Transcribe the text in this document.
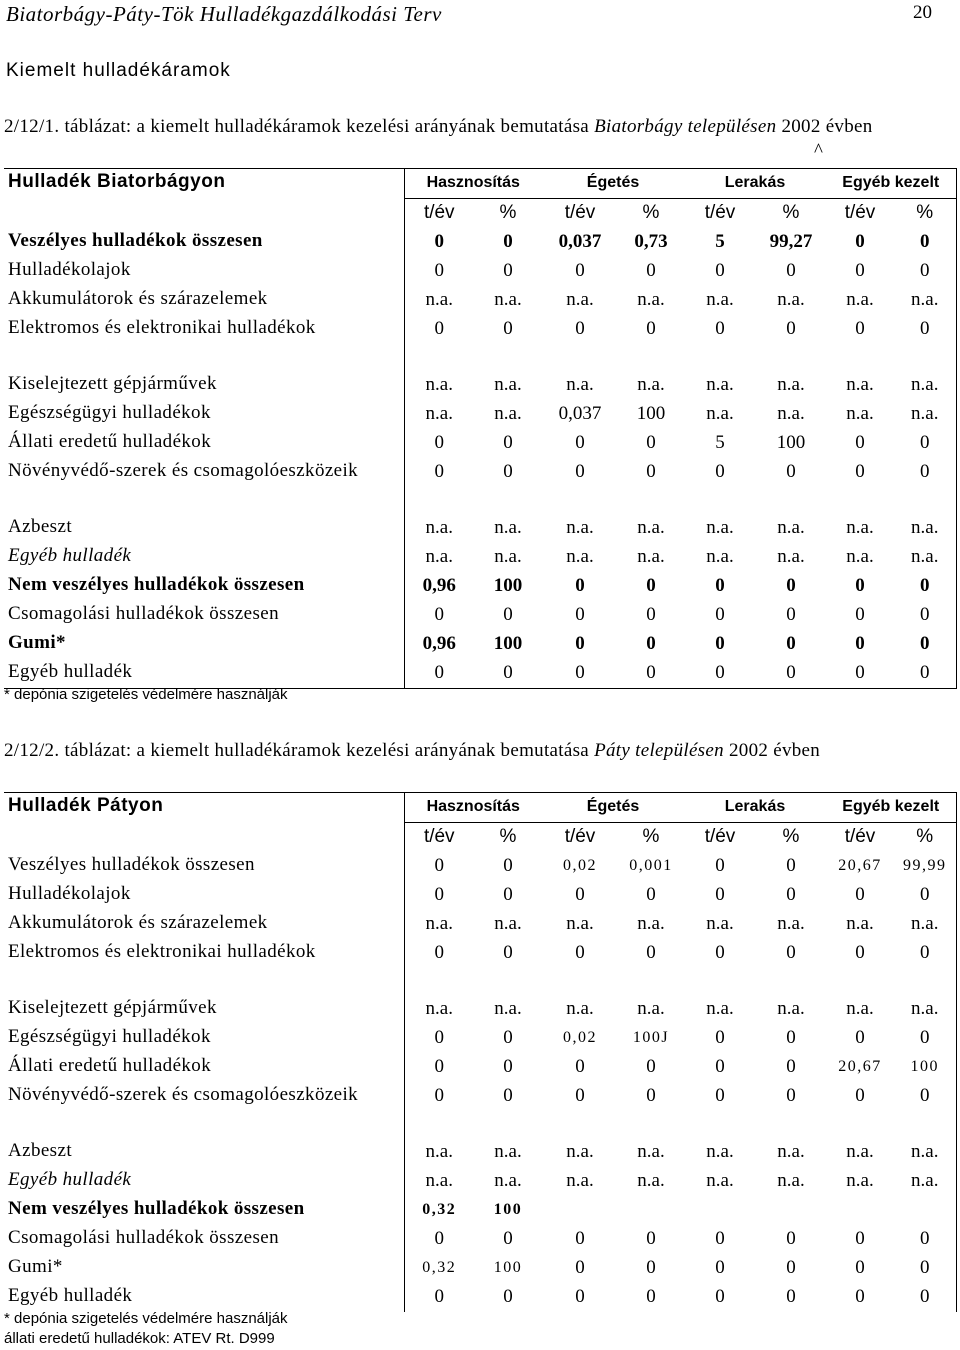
Biatorbágy-Páty-Tök Hulladékgazdálkodási Terv	20
Kiemelt hulladékáramok
2/12/1. táblázat: a kiemelt hulladékáramok kezelési arányának bemutatása Biatorbágy településen 2002 évben
^
Hulladék Biatorbágyon	Hasznosítás		Égetés		Lerakás		Egyéb kezelt	
	t/év	%	t/év	%	t/év	%	t/év	%
Veszélyes hulladékok összesen	0	0	0,037	0,73	5	99,27	0	0
Hulladékolajok	0	0	0	0	0	0	0	0
Akkumulátorok és szárazelemek	n.a.	n.a.	n.a.	n.a.	n.a.	n.a.	n.a.	n.a.
Elektromos és elektronikai hulladékok	0	0	0	0	0	0	0	0
Kiselejtezett gépjárművek	n.a.	n.a.	n.a.	n.a.	n.a.	n.a.	n.a.	n.a.
Egészségügyi hulladékok	n.a.	n.a.	0,037	100	n.a.	n.a.	n.a.	n.a.
Állati eredetű hulladékok	0	0	0	0	5	100	0	0
Növényvédő-szerek és csomagolóeszközeik	0	0	0	0	0	0	0	0
Azbeszt	n.a.	n.a.	n.a.	n.a.	n.a.	n.a.	n.a.	n.a.
Egyéb hulladék	n.a.	n.a.	n.a.	n.a.	n.a.	n.a.	n.a.	n.a.
Nem veszélyes hulladékok összesen	0,96	100	0	0	0	0	0	0
Csomagolási hulladékok összesen	0	0	0	0	0	0	0	0
Gumi*	0,96	100	0	0	0	0	0	0
Egyéb hulladék	0	0	0	0	0	0	0	0
* depónia szigetelés védelmére használják
2/12/2. táblázat: a kiemelt hulladékáramok kezelési arányának bemutatása Páty településen 2002 évben
Hulladék Pátyon	Hasznosítás		Égetés		Lerakás		Egyéb kezelt	
	t/év	%	t/év	%	t/év	%	t/év	%
Veszélyes hulladékok összesen	0	0	0,02	0,001	0	0	20,67	99,99
Hulladékolajok	0	0	0	0	0	0	0	0
Akkumulátorok és szárazelemek	n.a.	n.a.	n.a.	n.a.	n.a.	n.a.	n.a.	n.a.
Elektromos és elektronikai hulladékok	0	0	0	0	0	0	0	0
Kiselejtezett gépjárművek	n.a.	n.a.	n.a.	n.a.	n.a.	n.a.	n.a.	n.a.
Egészségügyi hulladékok	0	0	0,02	100J	0	0	0	0
Állati eredetű hulladékok	0	0	0	0	0	0	20,67	100
Növényvédő-szerek és csomagolóeszközeik	0	0	0	0	0	0	0	0
Azbeszt	n.a.	n.a.	n.a.	n.a.	n.a.	n.a.	n.a.	n.a.
Egyéb hulladék	n.a.	n.a.	n.a.	n.a.	n.a.	n.a.	n.a.	n.a.
Nem veszélyes hulladékok összesen	0,32	100						
Csomagolási hulladékok összesen	0	0	0	0	0	0	0	0
Gumi*	0,32	100	0	0	0	0	0	0
Egyéb hulladék	0	0	0	0	0	0	0	0
* depónia szigetelés védelmére használják
állati eredetű hulladékok: ATEV Rt. D999
